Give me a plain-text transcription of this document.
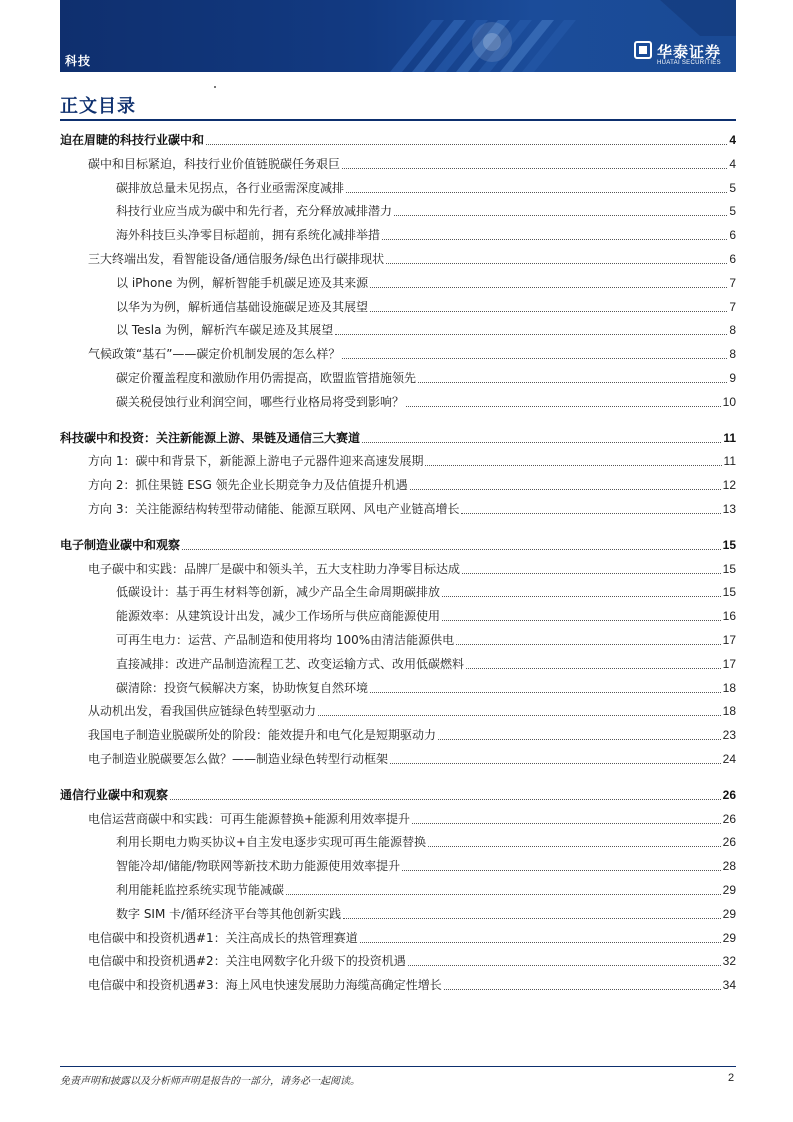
科技	华泰证券
HUATAI SECURITIES
正文目录
迫在眉睫的科技行业碳中和	4
碳中和目标紧迫，科技行业价值链脱碳任务艰巨	4
碳排放总量未见拐点，各行业亟需深度减排	5
科技行业应当成为碳中和先行者，充分释放减排潜力	5
海外科技巨头净零目标超前，拥有系统化减排举措	6
三大终端出发，看智能设备/通信服务/绿色出行碳排现状	6
以 iPhone 为例，解析智能手机碳足迹及其来源	7
以华为为例，解析通信基础设施碳足迹及其展望	7
以 Tesla 为例，解析汽车碳足迹及其展望	8
气候政策“基石”——碳定价机制发展的怎么样？	8
碳定价覆盖程度和激励作用仍需提高，欧盟监管措施领先	9
碳关税侵蚀行业利润空间，哪些行业格局将受到影响？	10
科技碳中和投资：关注新能源上游、果链及通信三大赛道	11
方向 1：碳中和背景下，新能源上游电子元器件迎来高速发展期	11
方向 2：抓住果链 ESG 领先企业长期竞争力及估值提升机遇	12
方向 3：关注能源结构转型带动储能、能源互联网、风电产业链高增长	13
电子制造业碳中和观察	15
电子碳中和实践：品牌厂是碳中和领头羊，五大支柱助力净零目标达成	15
低碳设计：基于再生材料等创新，减少产品全生命周期碳排放	15
能源效率：从建筑设计出发，减少工作场所与供应商能源使用	16
可再生电力：运营、产品制造和使用将均 100%由清洁能源供电	17
直接减排：改进产品制造流程工艺、改变运输方式、改用低碳燃料	17
碳清除：投资气候解决方案，协助恢复自然环境	18
从动机出发，看我国供应链绿色转型驱动力	18
我国电子制造业脱碳所处的阶段：能效提升和电气化是短期驱动力	23
电子制造业脱碳要怎么做？——制造业绿色转型行动框架	24
通信行业碳中和观察	26
电信运营商碳中和实践：可再生能源替换+能源利用效率提升	26
利用长期电力购买协议+自主发电逐步实现可再生能源替换	26
智能冷却/储能/物联网等新技术助力能源使用效率提升	28
利用能耗监控系统实现节能减碳	29
数字 SIM 卡/循环经济平台等其他创新实践	29
电信碳中和投资机遇#1：关注高成长的热管理赛道	29
电信碳中和投资机遇#2：关注电网数字化升级下的投资机遇	32
电信碳中和投资机遇#3：海上风电快速发展助力海缆高确定性增长	34
免责声明和披露以及分析师声明是报告的一部分，请务必一起阅读。	2
